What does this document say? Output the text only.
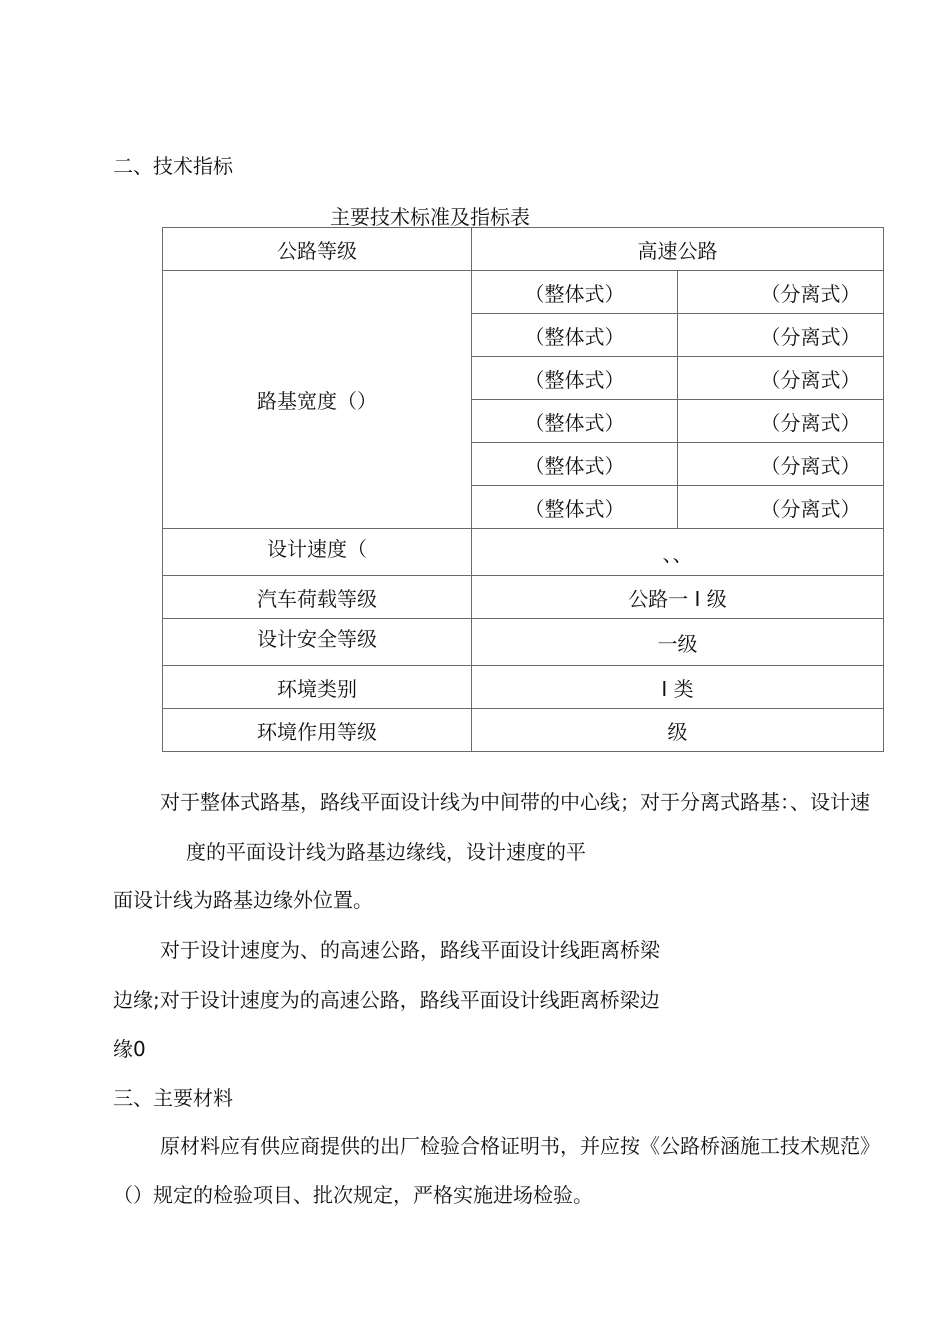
二、技术指标
主要技术标准及指标表
公路等级	高速公路	
路基宽度（）	（整体式）	（分离式）
	（整体式）	（分离式）
	（整体式）	（分离式）
	（整体式）	（分离式）
	（整体式）	（分离式）
	（整体式）	（分离式）
设计速度（	、、	
汽车荷载等级	公路一 I 级	
设计安全等级	一级	
环境类别	I 类	
环境作用等级	级	
对于整体式路基，路线平面设计线为中间带的中心线；对于分离式路基：、设计速
度的平面设计线为路基边缘线，设计速度的平
面设计线为路基边缘外位置。
对于设计速度为、的高速公路，路线平面设计线距离桥梁
边缘;对于设计速度为的高速公路，路线平面设计线距离桥梁边
缘0
三、主要材料
原材料应有供应商提供的出厂检验合格证明书，并应按《公路桥涵施工技术规范》
（）规定的检验项目、批次规定，严格实施进场检验。
